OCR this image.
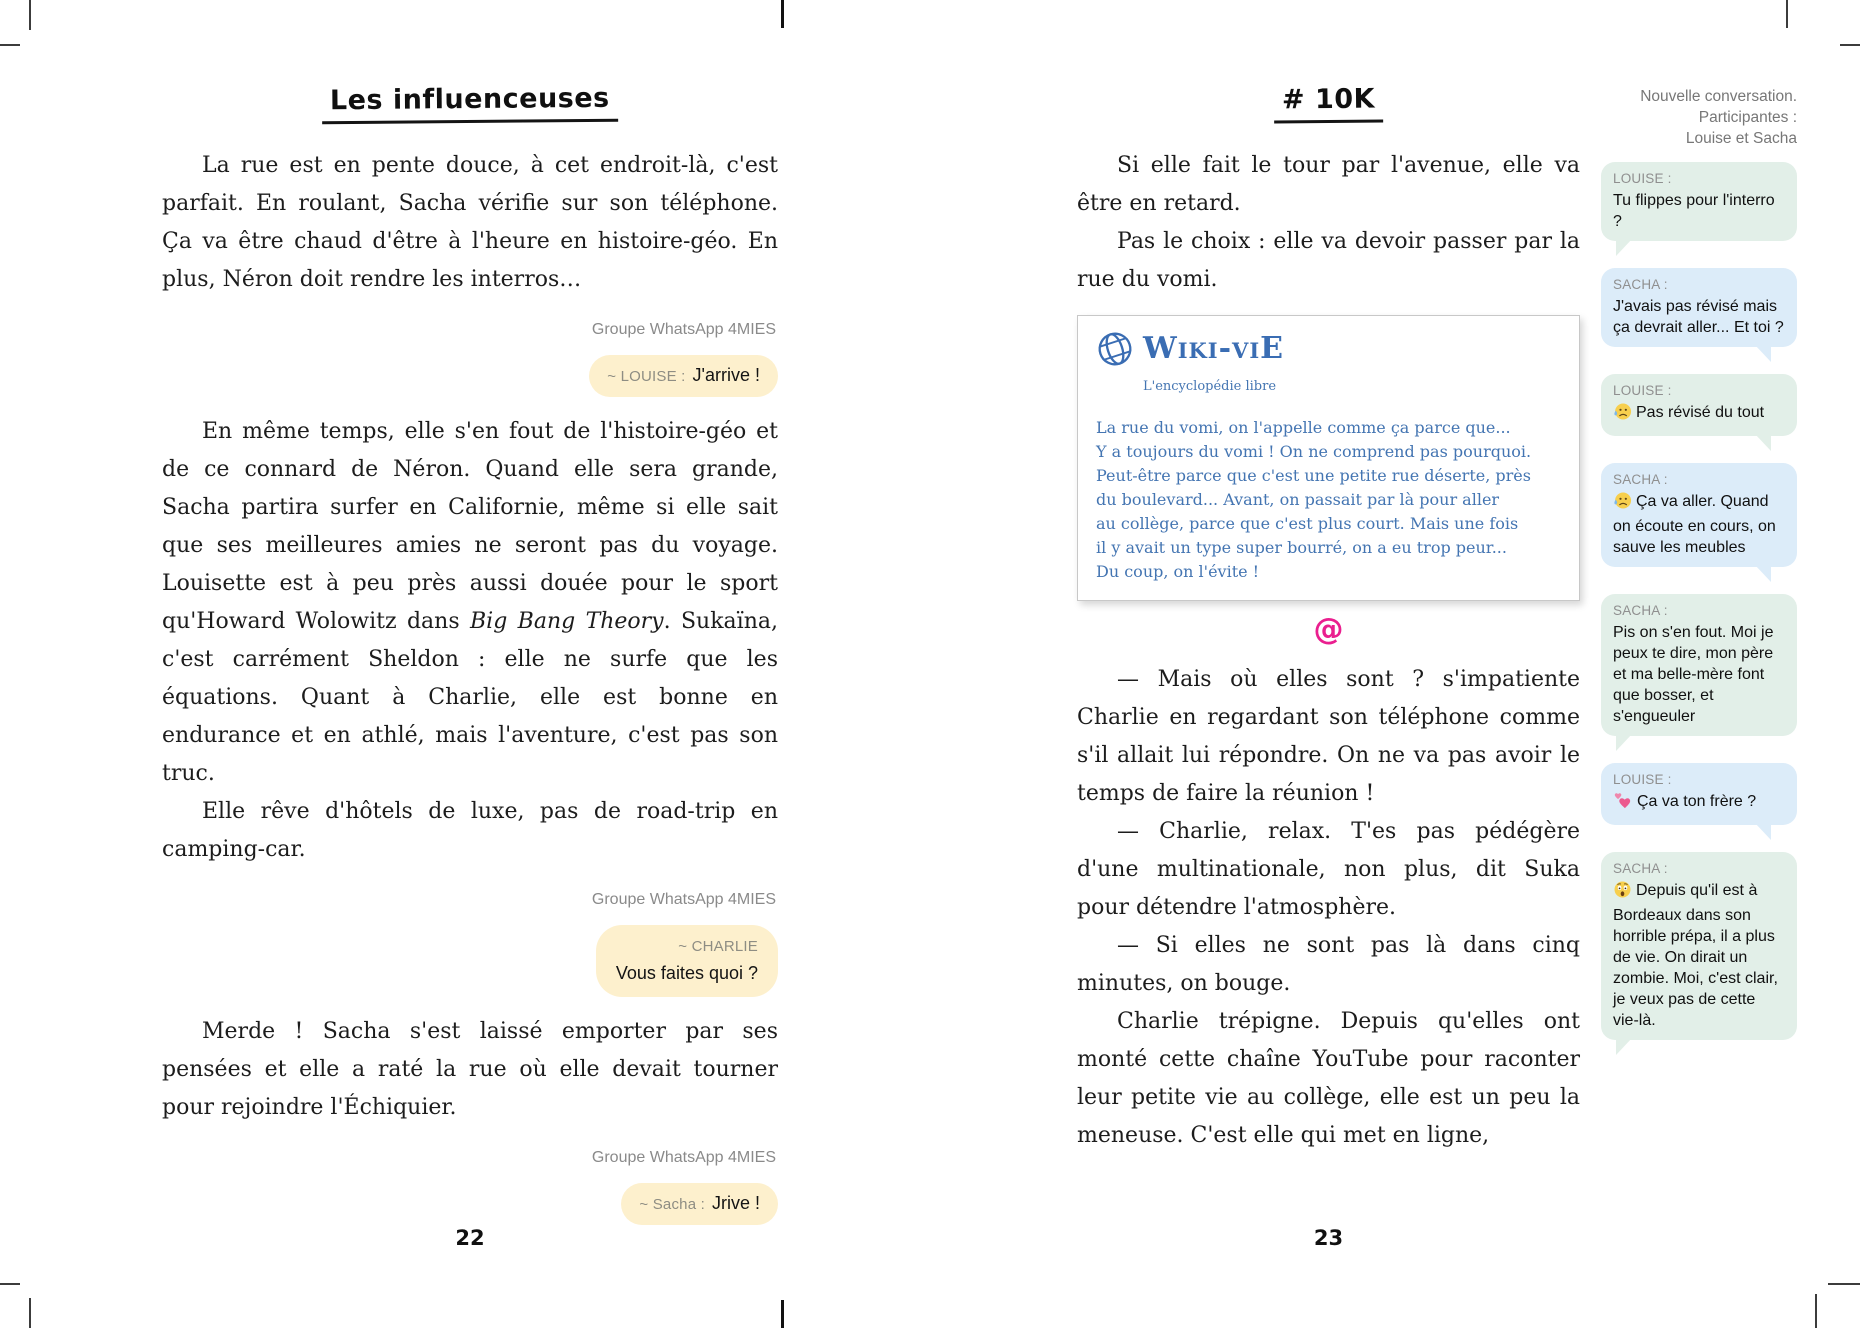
Les influenceuses

La rue est en pente douce, à cet endroit-là, c'est parfait. En roulant, Sacha vérifie sur son téléphone. Ça va être chaud d'être à l'heure en histoire-géo. En plus, Néron doit rendre les interros…

Groupe WhatsApp 4MIES
~ LOUISE : J'arrive !

En même temps, elle s'en fout de l'histoire-géo et de ce connard de Néron. Quand elle sera grande, Sacha partira surfer en Californie, même si elle sait que ses meilleures amies ne seront pas du voyage. Louisette est à peu près aussi douée pour le sport qu'Howard Wolowitz dans Big Bang Theory. Sukaïna, c'est carrément Sheldon : elle ne surfe que les équations. Quant à Charlie, elle est bonne en endurance et en athlé, mais l'aventure, c'est pas son truc.

Elle rêve d'hôtels de luxe, pas de road-trip en camping-car.

Groupe WhatsApp 4MIES
~ CHARLIE
Vous faites quoi ?

Merde ! Sacha s'est laissé emporter par ses pensées et elle a raté la rue où elle devait tourner pour rejoindre l'Échiquier.

Groupe WhatsApp 4MIES
~ Sacha : Jrive !
# 10K

Si elle fait le tour par l'avenue, elle va être en retard.

Pas le choix : elle va devoir passer par la rue du vomi.

Wiki-viE
L'encyclopédie libre
La rue du vomi, on l'appelle comme ça parce que...
Y a toujours du vomi ! On ne comprend pas pourquoi.
Peut-être parce que c'est une petite rue déserte, près
du boulevard... Avant, on passait par là pour aller
au collège, parce que c'est plus court. Mais une fois
il y avait un type super bourré, on a eu trop peur...
Du coup, on l'évite !
@

— Mais où elles sont ? s'impatiente Charlie en regardant son téléphone comme s'il allait lui répondre. On ne va pas avoir le temps de faire la réunion !

— Charlie, relax. T'es pas pédégère d'une multinationale, non plus, dit Suka pour détendre l'atmosphère.

— Si elles ne sont pas là dans cinq minutes, on bouge.

Charlie trépigne. Depuis qu'elles ont monté cette chaîne YouTube pour raconter leur petite vie au collège, elle est un peu la meneuse. C'est elle qui met en ligne,

22	23
Nouvelle conversation.
Participantes :
Louise et Sacha
LOUISE :
Tu flippes pour l'interro ?
SACHA :
J'avais pas révisé mais ça devrait aller... Et toi ?
LOUISE :
Pas révisé du tout
SACHA :
Ça va aller. Quand on écoute en cours, on sauve les meubles
SACHA :
Pis on s'en fout. Moi je peux te dire, mon père et ma belle-mère font que bosser, et s'engueuler
LOUISE :
Ça va ton frère ?
SACHA :
Depuis qu'il est à Bordeaux dans son horrible prépa, il a plus de vie. On dirait un zombie. Moi, c'est clair, je veux pas de cette vie-là.
